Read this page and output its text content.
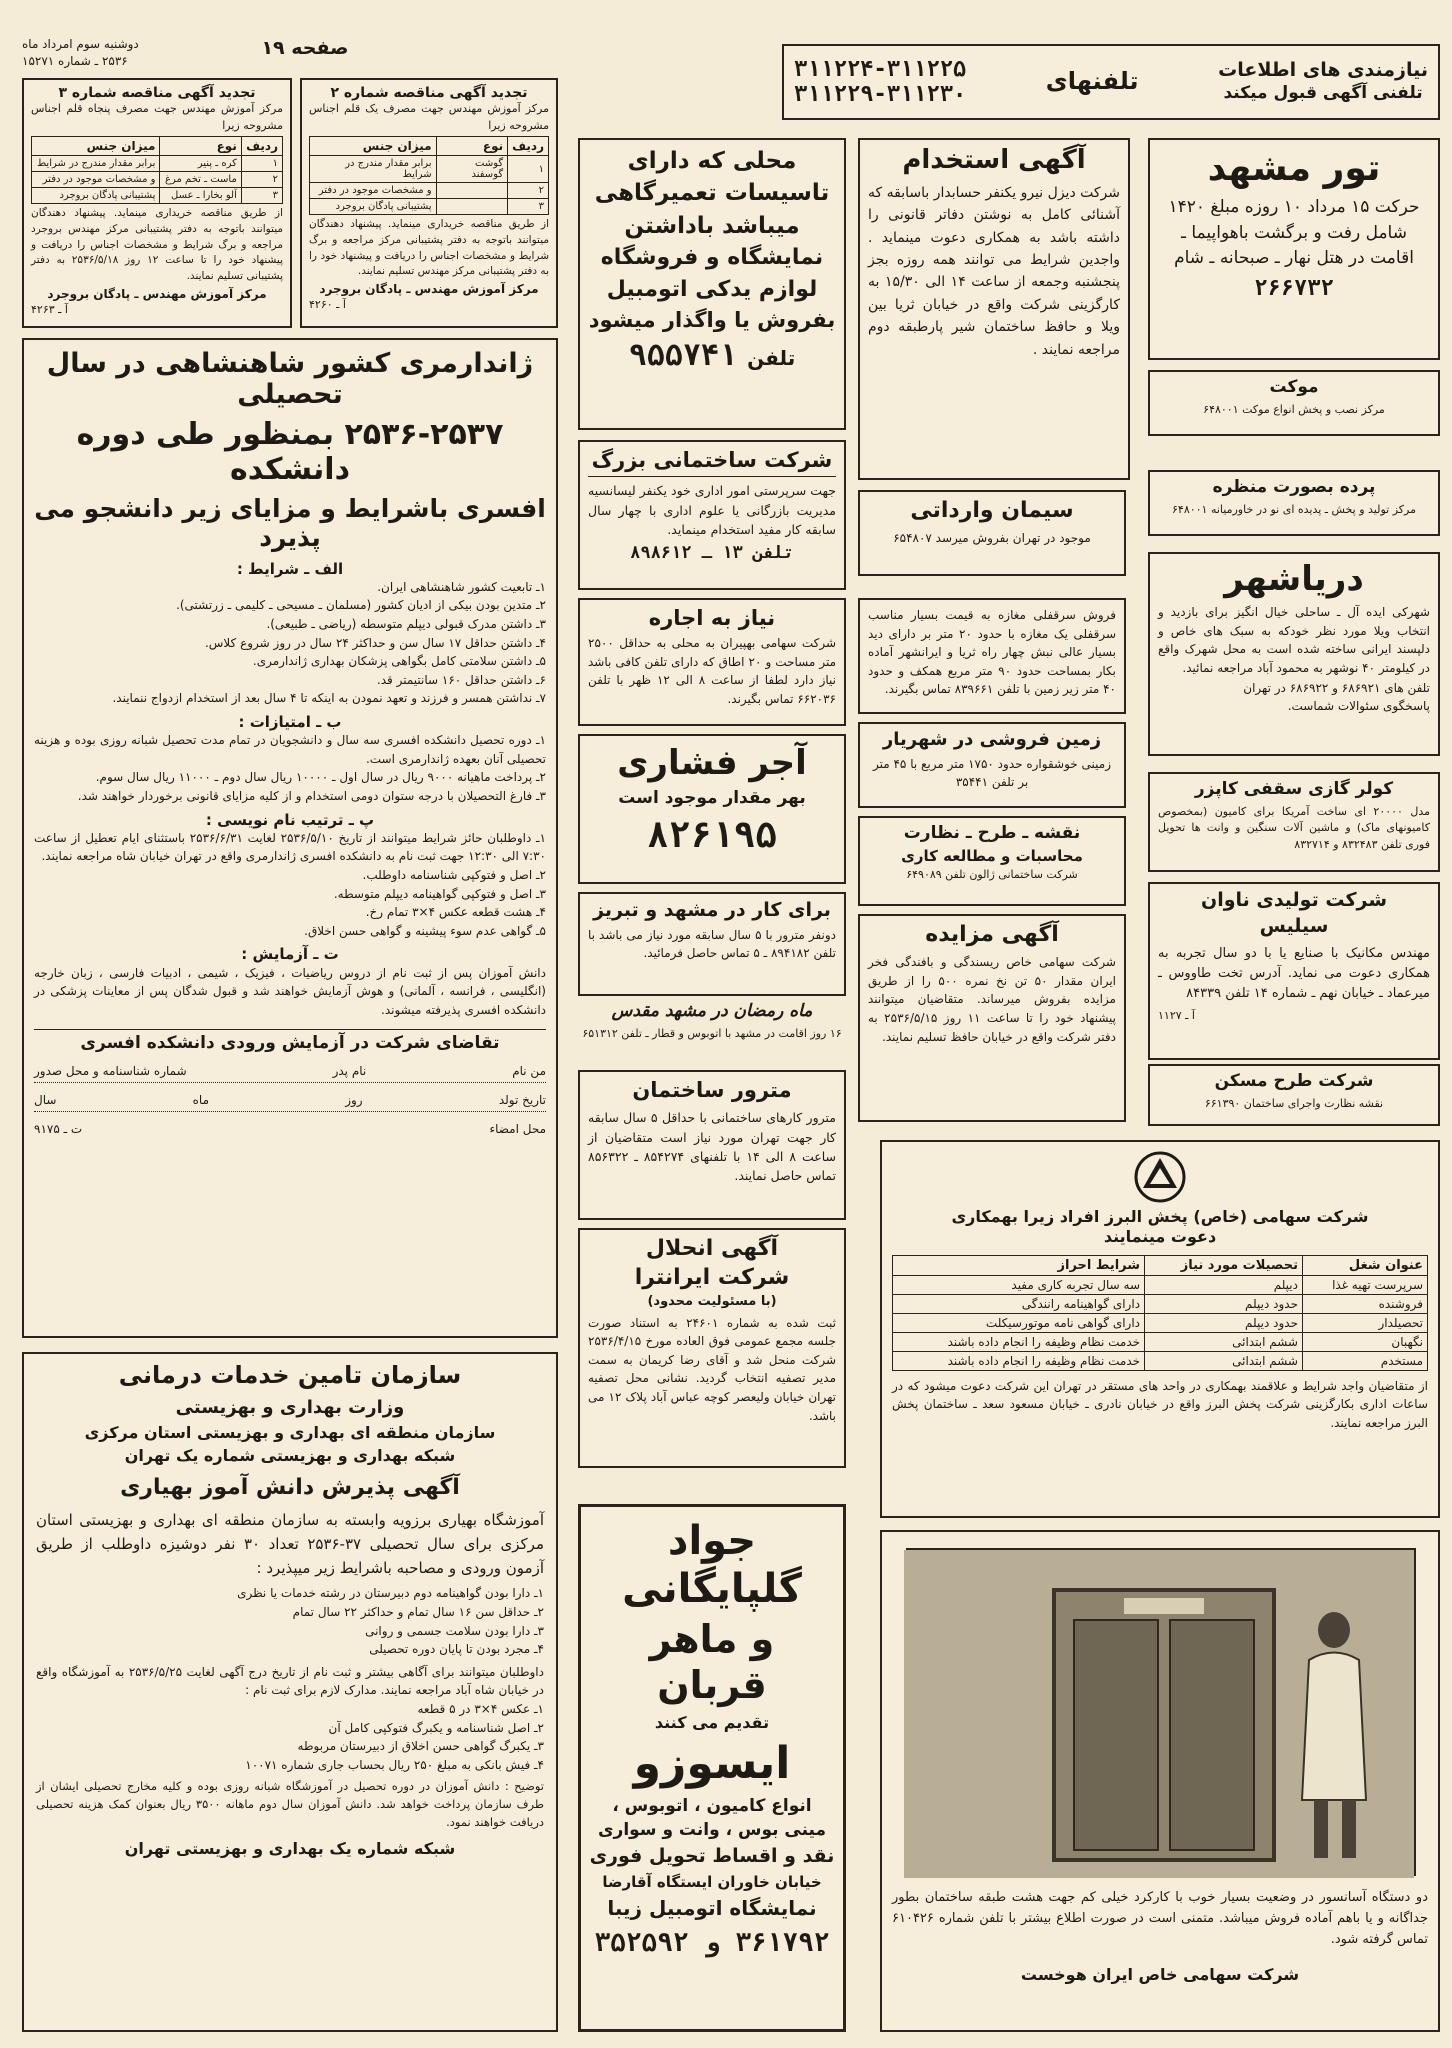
دوشنبه سوم امرداد ماه
۲۵۳۶ ـ شماره ۱۵۲۷۱
صفحه ۱۹
نیازمندی های اطلاعات
تلفنی آگهی قبول میکند
تلفنهای
۳۱۱۲۲۴-۳۱۱۲۲۵
۳۱۱۲۲۹-۳۱۱۲۳۰
تجدید آگهی مناقصه شماره ۲
مرکز آموزش مهندس جهت مصرف یک قلم اجناس مشروحه زیرا
ردیف	نوع	میزان جنس
۱	گوشت گوسفند	برابر مقدار مندرج در شرایط
۲		و مشخصات موجود در دفتر
۳		پشتیبانی پادگان بروجرد
از طریق مناقصه خریداری مینماید. پیشنهاد دهندگان میتوانند باتوجه به دفتر پشتیبانی مرکز مراجعه و برگ شرایط و مشخصات اجناس را دریافت و پیشنهاد خود را به دفتر پشتیبانی مرکز مهندس تسلیم نمایند.
مرکز آموزش مهندس ـ پادگان بروجرد
آ ـ ۴۲۶۰
تجدید آگهی مناقصه شماره ۳
مرکز آموزش مهندس جهت مصرف پنجاه قلم اجناس مشروحه زیرا
ردیف	نوع	میزان جنس
۱	کره ـ پنیر	برابر مقدار مندرج در شرایط
۲	ماست ـ تخم مرغ	و مشخصات موجود در دفتر
۳	آلو بخارا ـ عسل	پشتیبانی پادگان بروجرد
از طریق مناقصه خریداری مینماید. پیشنهاد دهندگان میتوانند باتوجه به دفتر پشتیبانی مرکز مهندس بروجرد مراجعه و برگ شرایط و مشخصات اجناس را دریافت و پیشنهاد خود را تا ساعت ۱۲ روز ۲۵۳۶/۵/۱۸ به دفتر پشتیبانی تسلیم نمایند.
مرکز آموزش مهندس ـ پادگان بروجرد
آ ـ ۴۲۶۳
ژاندارمری کشور شاهنشاهی در سال تحصیلی
۲۵۳۶-۲۵۳۷ بمنظور طی دوره دانشکده
افسری باشرایط و مزایای زیر دانشجو می پذیرد
الف ـ شرایط :
۱ـ تابعیت کشور شاهنشاهی ایران.
۲ـ متدین بودن بیکی از ادیان کشور (مسلمان ـ مسیحی ـ کلیمی ـ زرتشتی).
۳ـ داشتن مدرک قبولی دیپلم متوسطه (ریاضی ـ طبیعی).
۴ـ داشتن حداقل ۱۷ سال سن و حداکثر ۲۴ سال در روز شروع کلاس.
۵ـ داشتن سلامتی کامل بگواهی پزشکان بهداری ژاندارمری.
۶ـ داشتن حداقل ۱۶۰ سانتیمتر قد.
۷ـ نداشتن همسر و فرزند و تعهد نمودن به اینکه تا ۴ سال بعد از استخدام ازدواج ننمایند.
ب ـ امتیازات :
۱ـ دوره تحصیل دانشکده افسری سه سال و دانشجویان در تمام مدت تحصیل شبانه روزی بوده و هزینه تحصیلی آنان بعهده ژاندارمری است.
۲ـ پرداخت ماهیانه ۹۰۰۰ ریال در سال اول ـ ۱۰۰۰۰ ریال سال دوم ـ ۱۱۰۰۰ ریال سال سوم.
۳ـ فارغ التحصیلان با درجه ستوان دومی استخدام و از کلیه مزایای قانونی برخوردار خواهند شد.
پ ـ ترتیب نام نویسی :
۱ـ داوطلبان حائز شرایط میتوانند از تاریخ ۲۵۳۶/۵/۱۰ لغایت ۲۵۳۶/۶/۳۱ باستثنای ایام تعطیل از ساعت ۷:۳۰ الی ۱۲:۳۰ جهت ثبت نام به دانشکده افسری ژاندارمری واقع در تهران خیابان شاه مراجعه نمایند.
۲ـ اصل و فتوکپی شناسنامه داوطلب.
۳ـ اصل و فتوکپی گواهینامه دیپلم متوسطه.
۴ـ هشت قطعه عکس ۴×۳ تمام رخ.
۵ـ گواهی عدم سوء پیشینه و گواهی حسن اخلاق.
ت ـ آزمایش :
دانش آموزان پس از ثبت نام از دروس ریاضیات ، فیزیک ، شیمی ، ادبیات فارسی ، زبان خارجه (انگلیسی ، فرانسه ، آلمانی) و هوش آزمایش خواهند شد و قبول شدگان پس از معاینات پزشکی در دانشکده افسری پذیرفته میشوند.
تقاضای شرکت در آزمایش ورودی دانشکده افسری
من نام
نام پدر
شماره شناسنامه و محل صدور
تاریخ تولد
روز
ماه
سال
محل امضاء
ت ـ ۹۱۷۵
سازمان تامین خدمات درمانی
وزارت بهداری و بهزیستی
سازمان منطقه ای بهداری و بهزیستی استان مرکزی
شبکه بهداری و بهزیستی شماره یک تهران
آگهی پذیرش دانش آموز بهیاری
آموزشگاه بهیاری برزویه وابسته به سازمان منطقه ای بهداری و بهزیستی استان مرکزی برای سال تحصیلی ۳۷-۲۵۳۶ تعداد ۳۰ نفر دوشیزه داوطلب از طریق آزمون ورودی و مصاحبه باشرایط زیر میپذیرد :
۱ـ دارا بودن گواهینامه دوم دبیرستان در رشته خدمات یا نظری
۲ـ حداقل سن ۱۶ سال تمام و حداکثر ۲۲ سال تمام
۳ـ دارا بودن سلامت جسمی و روانی
۴ـ مجرد بودن تا پایان دوره تحصیلی
داوطلبان میتوانند برای آگاهی بیشتر و ثبت نام از تاریخ درج آگهی لغایت ۲۵۳۶/۵/۲۵ به آموزشگاه واقع در خیابان شاه آباد مراجعه نمایند. مدارک لازم برای ثبت نام :
۱ـ عکس ۴×۳ در ۵ قطعه
۲ـ اصل شناسنامه و یکبرگ فتوکپی کامل آن
۳ـ یکبرگ گواهی حسن اخلاق از دبیرستان مربوطه
۴ـ فیش بانکی به مبلغ ۲۵۰ ریال بحساب جاری شماره ۱۰۰۷۱
توضیح : دانش آموزان در دوره تحصیل در آموزشگاه شبانه روزی بوده و کلیه مخارج تحصیلی ایشان از طرف سازمان پرداخت خواهد شد. دانش آموزان سال دوم ماهانه ۳۵۰۰ ریال بعنوان کمک هزینه تحصیلی دریافت خواهند نمود.
شبکه شماره یک بهداری و بهزیستی تهران
محلی که دارای
تاسیسات تعمیرگاهی
میباشد باداشتن
نمایشگاه و فروشگاه
لوازم یدکی اتومبیل
بفروش یا واگذار میشود
تلفن
۹۵۵۷۴۱
شرکت ساختمانی بزرگ
جهت سرپرستی امور اداری خود یکنفر لیسانسیه مدیریت بازرگانی یا علوم اداری با چهار سال سابقه کار مفید استخدام مینماید.
تلفن ۱۳ ـ ۸۹۸۶۱۲
نیاز به اجاره
شرکت سهامی بهپیران به محلی به حداقل ۲۵۰۰ متر مساحت و ۲۰ اطاق که دارای تلفن کافی باشد نیاز دارد لطفا از ساعت ۸ الی ۱۲ ظهر با تلفن ۶۶۲۰۳۶ تماس بگیرند.
آجر فشاری
بهر مقدار موجود است
۸۲۶۱۹۵
برای کار در مشهد و تبریز
دونفر مترور با ۵ سال سابقه مورد نیاز می باشد با تلفن ۸۹۴۱۸۲ ـ ۵ تماس حاصل فرمائید.
ماه رمضان در مشهد مقدس
۱۶ روز اقامت در مشهد با اتوبوس و قطار ـ تلفن ۶۵۱۳۱۲
مترور ساختمان
مترور کارهای ساختمانی با حداقل ۵ سال سابقه کار جهت تهران مورد نیاز است متقاضیان از ساعت ۸ الی ۱۴ با تلفنهای ۸۵۴۲۷۴ ـ ۸۵۶۳۲۲ تماس حاصل نمایند.
آگهی انحلال
شرکت ایرانترا
(با مسئولیت محدود)
ثبت شده به شماره ۲۴۶۰۱ به استناد صورت جلسه مجمع عمومی فوق العاده مورخ ۲۵۳۶/۴/۱۵ شرکت منحل شد و آقای رضا کریمان به سمت مدیر تصفیه انتخاب گردید. نشانی محل تصفیه تهران خیابان ولیعصر کوچه عباس آباد پلاک ۱۲ می باشد.
جواد گلپایگانی
و ماهر قربان
تقدیم می کنند
ایسوزو
انواع کامیون ، اتوبوس ،
مینی بوس ، وانت و سواری
نقد و اقساط تحویل فوری
خیابان خاوران ایستگاه آقارضا
نمایشگاه اتومبیل زیبا
۳۶۱۷۹۲ و ۳۵۲۵۹۲
آگهی استخدام
شرکت دیزل نیرو یکنفر حسابدار باسابقه که آشنائی کامل به نوشتن دفاتر قانونی را داشته باشد به همکاری دعوت مینماید . واجدین شرایط می توانند همه روزه بجز پنجشنبه وجمعه از ساعت ۱۴ الی ۱۵/۳۰ به کارگزینی شرکت واقع در خیابان ثریا بین ویلا و حافظ ساختمان شیر پارطبقه دوم مراجعه نمایند .
سیمان وارداتی
موجود در تهران بفروش میرسد ۶۵۴۸۰۷
فروش سرقفلی مغازه به قیمت بسیار مناسب سرقفلی یک مغازه با حدود ۲۰ متر بر دارای دید بسیار عالی نبش چهار راه ثریا و ایرانشهر آماده بکار بمساحت حدود ۹۰ متر مربع همکف و حدود ۴۰ متر زیر زمین با تلفن ۸۳۹۶۶۱ تماس بگیرند.
زمین فروشی در شهریار
زمینی خوشقواره حدود ۱۷۵۰ متر مربع با ۴۵ متر بر تلفن ۳۵۴۴۱
نقشه ـ طرح ـ نظارت
محاسبات و مطالعه کاری
شرکت ساختمانی ژالون تلفن ۶۴۹۰۸۹
آگهی مزایده
شرکت سهامی خاص ریسندگی و بافندگی فخر ایران مقدار ۵۰ تن نخ نمره ۵۰۰ را از طریق مزایده بفروش میرساند. متقاضیان میتوانند پیشنهاد خود را تا ساعت ۱۱ روز ۲۵۳۶/۵/۱۵ به دفتر شرکت واقع در خیابان حافظ تسلیم نمایند.
تور مشهد
حرکت ۱۵ مرداد ۱۰ روزه مبلغ ۱۴۲۰ شامل رفت و برگشت باهواپیما ـ اقامت در هتل نهار ـ صبحانه ـ شام
۲۶۶۷۳۲
موکت
مرکز نصب و پخش انواع موکت ۶۴۸۰۰۱
پرده بصورت منظره
مرکز تولید و پخش ـ پدیده ای نو در خاورمیانه ۶۴۸۰۰۱
دریاشهر
شهرکی ایده آل ـ ساحلی خیال انگیز برای بازدید و انتخاب ویلا مورد نظر خودکه به سبک های خاص و دلپسند ایرانی ساخته شده است به محل شهرک واقع در کیلومتر ۴۰ نوشهر به محمود آباد مراجعه نمائید.
تلفن های ۶۸۶۹۲۱ و ۶۸۶۹۲۲ در تهران
پاسخگوی سئوالات شماست.
کولر گازی سقفی کاپزر
مدل ۲۰۰۰۰ ای ساخت آمریکا برای کامیون (بمخصوص کامیونهای ماک) و ماشین آلات سنگین و وانت ها تحویل فوری تلفن ۸۳۲۴۸۳ و ۸۳۲۷۱۴
شرکت تولیدی ناوان
سیلیس
مهندس مکانیک با صنایع یا با دو سال تجربه به همکاری دعوت می نماید. آدرس تخت طاووس ـ میرعماد ـ خیابان نهم ـ شماره ۱۴ تلفن ۸۴۳۳۹
آ ـ ۱۱۲۷
شرکت طرح مسکن
نقشه نظارت واجرای ساختمان ۶۶۱۳۹۰
شرکت سهامی (خاص) پخش البرز افراد زیرا بهمکاری
دعوت مینمایند
عنوان شغل	تحصیلات مورد نیاز	شرایط احراز
سرپرست تهیه غذا	دیپلم	سه سال تجربه کاری مفید
فروشنده	حدود دیپلم	دارای گواهینامه رانندگی
تحصیلدار	حدود دیپلم	دارای گواهی نامه موتورسیکلت
نگهبان	ششم ابتدائی	خدمت نظام وظیفه را انجام داده باشند
مستخدم	ششم ابتدائی	خدمت نظام وظیفه را انجام داده باشند
از متقاضیان واجد شرایط و علاقمند بهمکاری در واحد های مستقر در تهران این شرکت دعوت میشود که در ساعات اداری بکارگزینی شرکت پخش البرز واقع در خیابان نادری ـ خیابان مسعود سعد ـ ساختمان پخش البرز مراجعه نمایند.
دو دستگاه آسانسور در وضعیت بسیار خوب با کارکرد خیلی کم جهت هشت طبقه ساختمان بطور جداگانه و یا باهم آماده فروش میباشد. متمنی است در صورت اطلاع بیشتر با تلفن شماره ۶۱۰۴۲۶ تماس گرفته شود.
شرکت سهامی خاص ایران هوخست
